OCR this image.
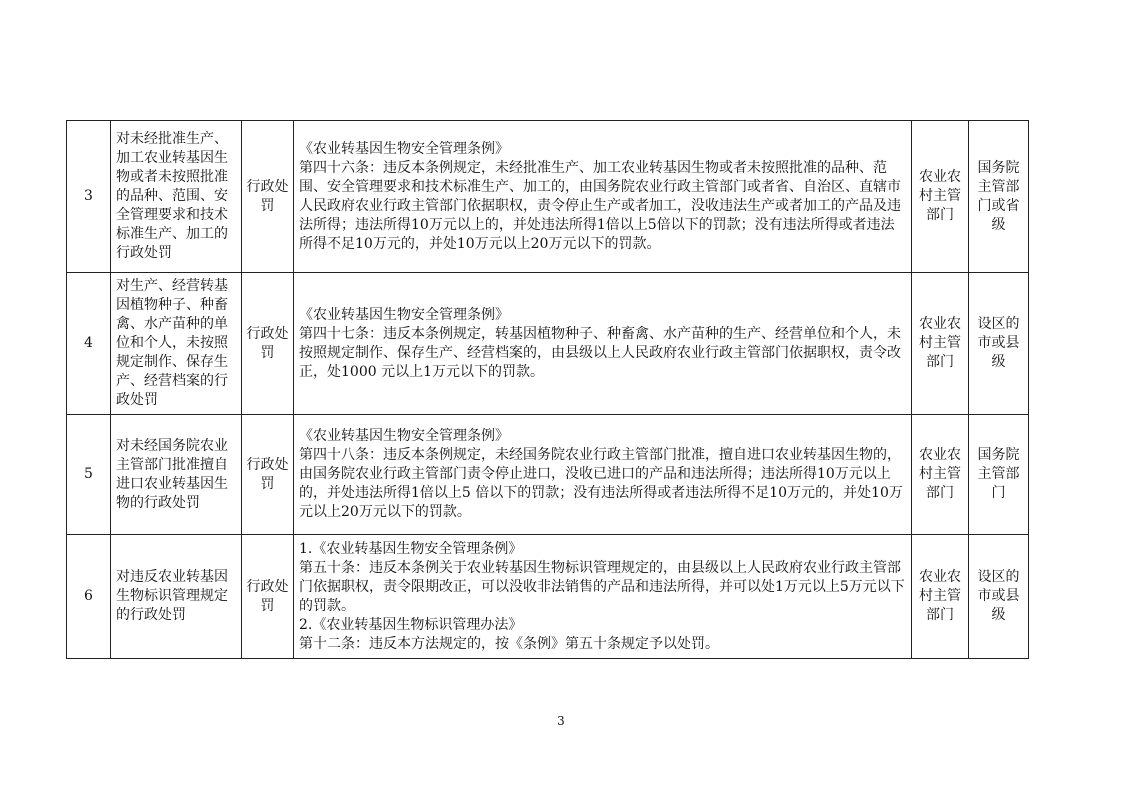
3	对未经批准生产、加工农业转基因生物或者未按照批准的品种、范围、安全管理要求和技术标准生产、加工的行政处罚	行政处罚	《农业转基因生物安全管理条例》
第四十六条：违反本条例规定，未经批准生产、加工农业转基因生物或者未按照批准的品种、范围、安全管理要求和技术标准生产、加工的，由国务院农业行政主管部门或者省、自治区、直辖市人民政府农业行政主管部门依据职权，责令停止生产或者加工，没收违法生产或者加工的产品及违法所得；违法所得10万元以上的，并处违法所得1倍以上5倍以下的罚款；没有违法所得或者违法所得不足10万元的，并处10万元以上20万元以下的罚款。	农业农村主管部门	国务院主管部门或省级
4	对生产、经营转基因植物种子、种畜禽、水产苗种的单位和个人，未按照规定制作、保存生产、经营档案的行政处罚	行政处罚	《农业转基因生物安全管理条例》
第四十七条：违反本条例规定，转基因植物种子、种畜禽、水产苗种的生产、经营单位和个人，未按照规定制作、保存生产、经营档案的，由县级以上人民政府农业行政主管部门依据职权，责令改正，处1000 元以上1万元以下的罚款。	农业农村主管部门	设区的市或县级
5	对未经国务院农业主管部门批准擅自进口农业转基因生物的行政处罚	行政处罚	《农业转基因生物安全管理条例》
第四十八条：违反本条例规定，未经国务院农业行政主管部门批准，擅自进口农业转基因生物的，由国务院农业行政主管部门责令停止进口，没收已进口的产品和违法所得；违法所得10万元以上的，并处违法所得1倍以上5 倍以下的罚款；没有违法所得或者违法所得不足10万元的，并处10万元以上20万元以下的罚款。	农业农村主管部门	国务院主管部门
6	对违反农业转基因生物标识管理规定的行政处罚	行政处罚	1.《农业转基因生物安全管理条例》
第五十条：违反本条例关于农业转基因生物标识管理规定的，由县级以上人民政府农业行政主管部门依据职权，责令限期改正，可以没收非法销售的产品和违法所得，并可以处1万元以上5万元以下的罚款。
2.《农业转基因生物标识管理办法》
第十二条：违反本方法规定的，按《条例》第五十条规定予以处罚。	农业农村主管部门	设区的市或县级
3
